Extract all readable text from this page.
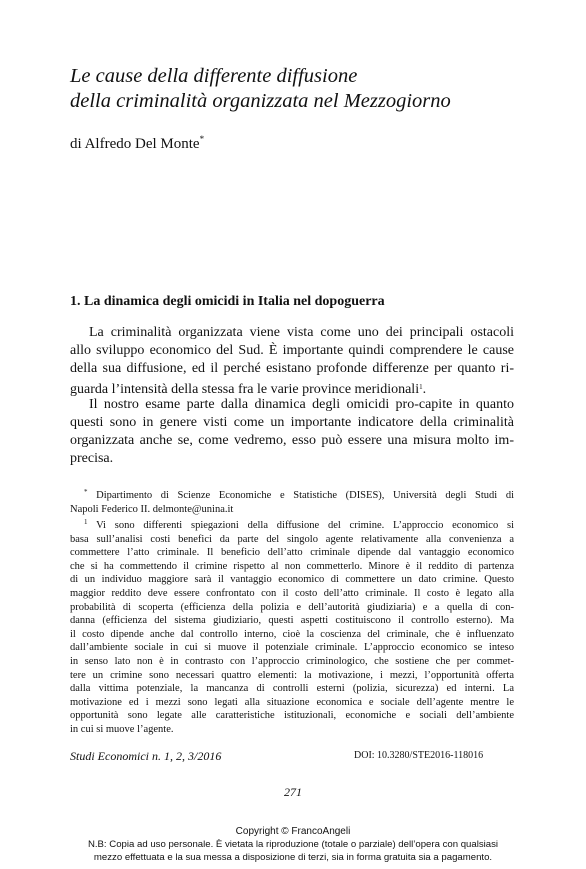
Le cause della differente diffusione
della criminalità organizzata nel Mezzogiorno
di Alfredo Del Monte*
1. La dinamica degli omicidi in Italia nel dopoguerra
La criminalità organizzata viene vista come uno dei principali ostacoli
allo sviluppo economico del Sud. È importante quindi comprendere le cause
della sua diffusione, ed il perché esistano profonde differenze per quanto ri-
guarda l’intensità della stessa fra le varie province meridionali$^1$.
Il nostro esame parte dalla dinamica degli omicidi pro-capite in quanto
questi sono in genere visti come un importante indicatore della criminalità
organizzata anche se, come vedremo, esso può essere una misura molto im-
precisa.
* Dipartimento di Scienze Economiche e Statistiche (DISES), Università degli Studi di
Napoli Federico II. delmonte@unina.it
$^1$ Vi sono differenti spiegazioni della diffusione del crimine. L’approccio economico si
basa sull’analisi costi benefici da parte del singolo agente relativamente alla convenienza a
commettere l’atto criminale. Il beneficio dell’atto criminale dipende dal vantaggio economico
che si ha commettendo il crimine rispetto al non commetterlo. Minore è il reddito di partenza
di un individuo maggiore sarà il vantaggio economico di commettere un dato crimine. Questo
maggior reddito deve essere confrontato con il costo dell’atto criminale. Il costo è legato alla
probabilità di scoperta (efficienza della polizia e dell’autorità giudiziaria) e a quella di con-
danna (efficienza del sistema giudiziario, questi aspetti costituiscono il controllo esterno). Ma
il costo dipende anche dal controllo interno, cioè la coscienza del criminale, che è influenzato
dall’ambiente sociale in cui si muove il potenziale criminale. L’approccio economico se inteso
in senso lato non è in contrasto con l’approccio criminologico, che sostiene che per commet-
tere un crimine sono necessari quattro elementi: la motivazione, i mezzi, l’opportunità offerta
dalla vittima potenziale, la mancanza di controlli esterni (polizia, sicurezza) ed interni. La
motivazione ed i mezzi sono legati alla situazione economica e sociale dell’agente mentre le
opportunità sono legate alle caratteristiche istituzionali, economiche e sociali dell’ambiente
in cui si muove l’agente.
Studi Economici n. 1, 2, 3/2016	DOI: 10.3280/STE2016-118016
271
Copyright © FrancoAngeli
N.B: Copia ad uso personale. È vietata la riproduzione (totale o parziale) dell’opera con qualsiasi
mezzo effettuata e la sua messa a disposizione di terzi, sia in forma gratuita sia a pagamento.
